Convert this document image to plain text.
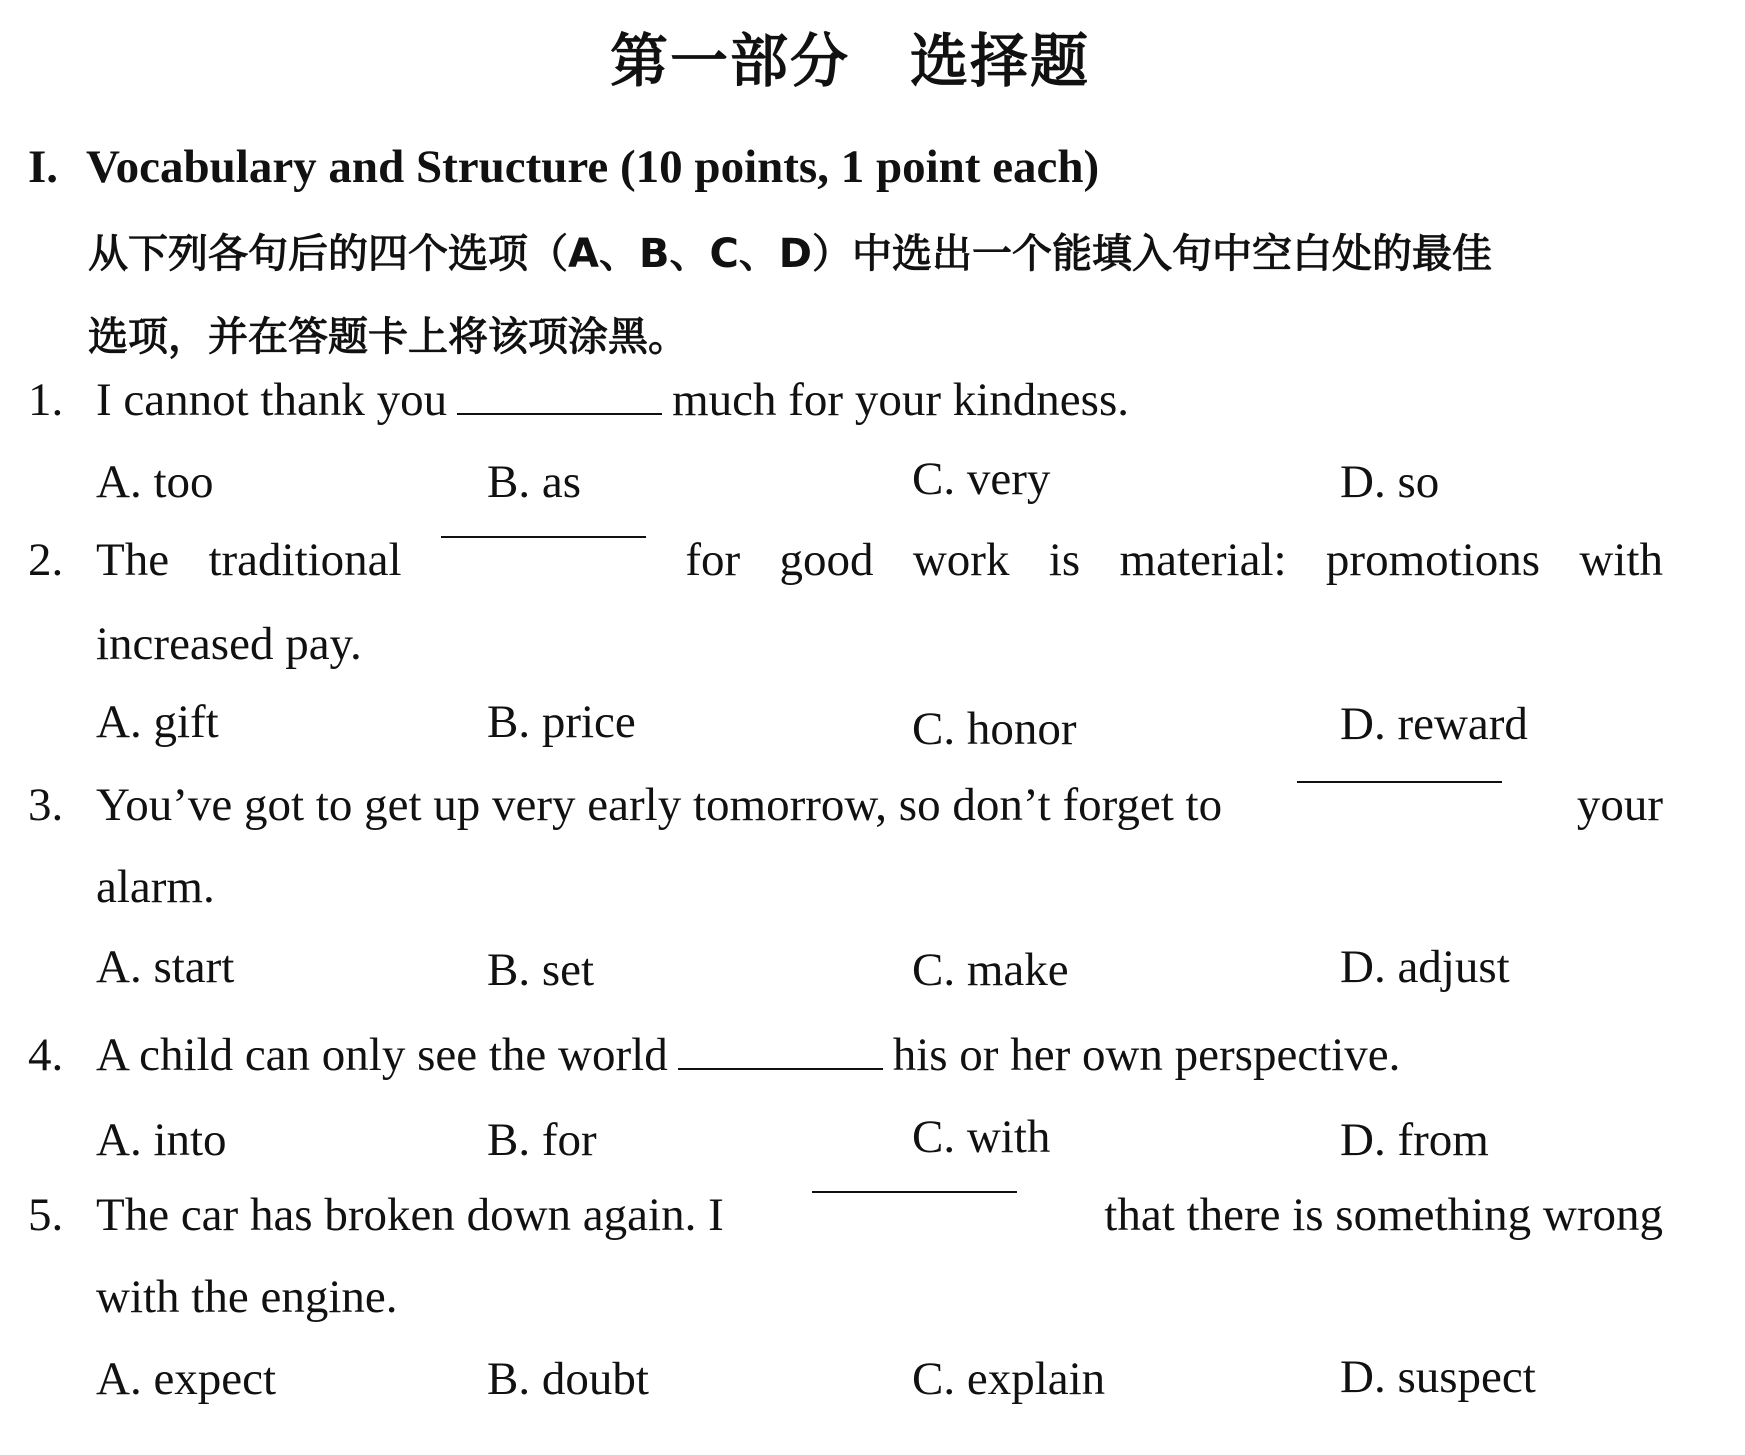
第一部分　选择题
I. Vocabulary and Structure (10 points, 1 point each)
从下列各句后的四个选项（A、B、C、D）中选出一个能填入句中空白处的最佳
选项，并在答题卡上将该项涂黑。
1. I cannot thank you	much for your kindness.
A. too	B. as	C. very	D. so
2. The traditional	for good work is material: promotions with
increased pay.
A. gift	B. price	C. honor	D. reward
3. You’ve got to get up very early tomorrow, so don’t forget to	your
alarm.
A. start	B. set	C. make	D. adjust
4. A child can only see the world	his or her own perspective.
A. into	B. for	C. with	D. from
5. The car has broken down again. I	that there is something wrong
with the engine.
A. expect	B. doubt	C. explain	D. suspect
